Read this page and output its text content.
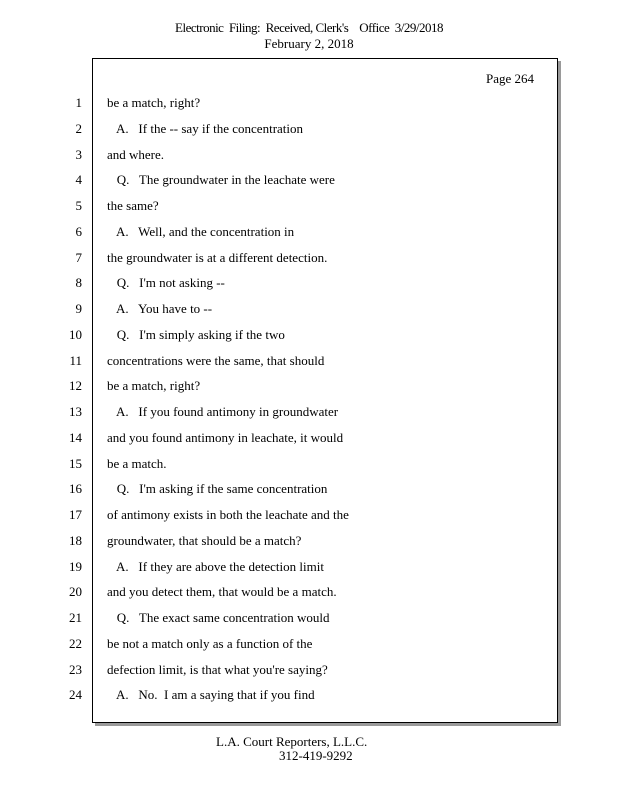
Electronic  Filing:  Received, Clerk's    Office  3/29/2018
February 2, 2018
Page 264
1 be a match, right?
2 A.   If the -- say if the concentration
3 and where.
4 Q.   The groundwater in the leachate were
5 the same?
6 A.   Well, and the concentration in
7 the groundwater is at a different detection.
8 Q.   I'm not asking --
9 A.   You have to --
10 Q.   I'm simply asking if the two
11 concentrations were the same, that should
12 be a match, right?
13 A.   If you found antimony in groundwater
14 and you found antimony in leachate, it would
15 be a match.
16 Q.   I'm asking if the same concentration
17 of antimony exists in both the leachate and the
18 groundwater, that should be a match?
19 A.   If they are above the detection limit
20 and you detect them, that would be a match.
21 Q.   The exact same concentration would
22 be not a match only as a function of the
23 defection limit, is that what you're saying?
24 A.   No.  I am a saying that if you find
L.A. Court Reporters, L.L.C.
312-419-9292
